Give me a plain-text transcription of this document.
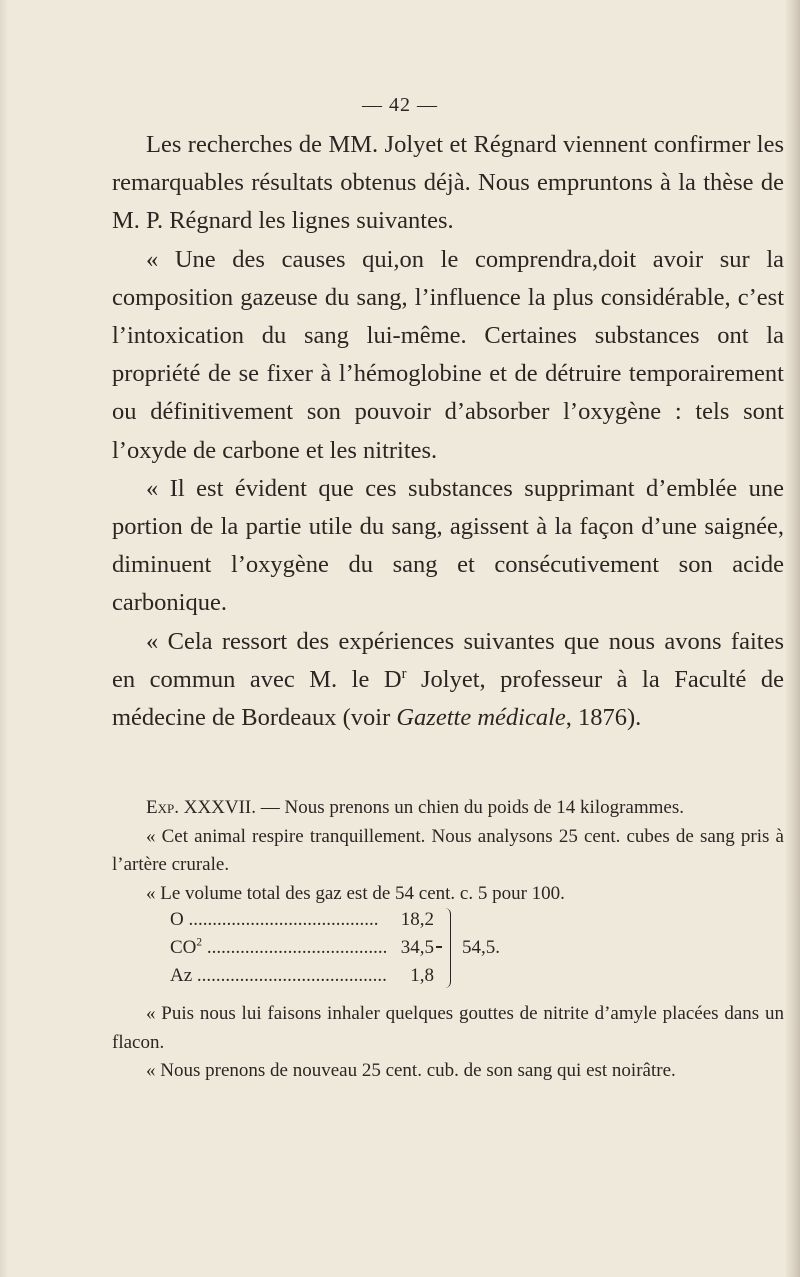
— 42 —

Les recherches de MM. Jolyet et Régnard viennent confirmer les remarquables résultats obtenus déjà. Nous empruntons à la thèse de M. P. Régnard les lignes suivantes.

« Une des causes qui,on le comprendra,doit avoir sur la composition gazeuse du sang, l’influence la plus considérable, c’est l’intoxication du sang lui-même. Certaines substances ont la propriété de se fixer à l’hémoglobine et de détruire temporairement ou définitivement son pouvoir d’absorber l’oxygène : tels sont l’oxyde de carbone et les nitrites.

« Il est évident que ces substances supprimant d’emblée une portion de la partie utile du sang, agissent à la façon d’une saignée, diminuent l’oxygène du sang et consécutivement son acide carbonique.

« Cela ressort des expériences suivantes que nous avons faites en commun avec M. le $D^r$ Jolyet, professeur à la Faculté de médecine de Bordeaux (voir Gazette médicale, 1876).

Exp. XXXVII. — Nous prenons un chien du poids de 14 kilogrammes.

« Cet animal respire tranquillement. Nous analysons 25 cent. cubes de sang pris à l’artère crurale.

« Le volume total des gaz est de 54 cent. c. 5 pour 100.

O .....	18,2
$CO^2$ .....	34,5
Az .....	1,8
54,5.

« Puis nous lui faisons inhaler quelques gouttes de nitrite d’amyle placées dans un flacon.

« Nous prenons de nouveau 25 cent. cub. de son sang qui est noirâtre.
